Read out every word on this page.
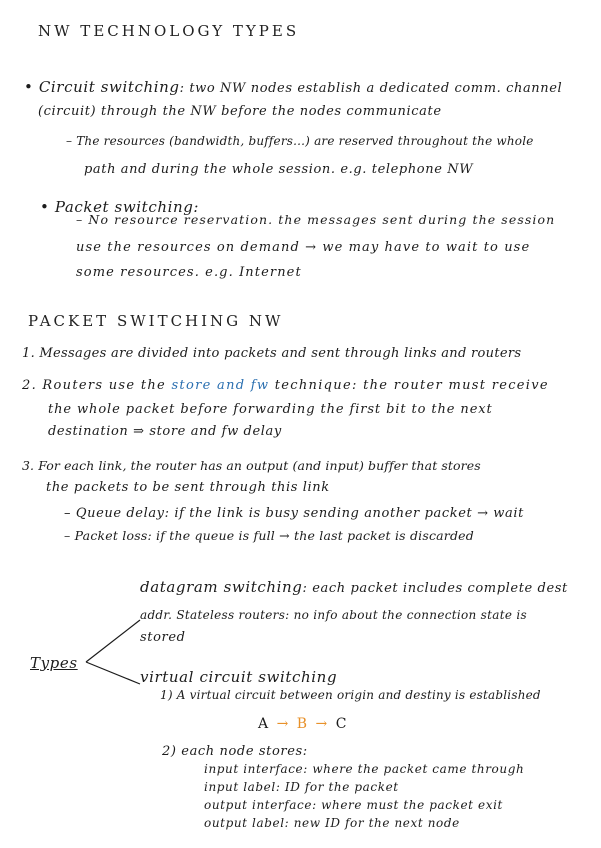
NW TECHNOLOGY TYPES
• Circuit switching: two NW nodes establish a dedicated comm. channel
(circuit) through the NW before the nodes communicate
– The resources (bandwidth, buffers...) are reserved throughout the whole
path and during the whole session. e.g. telephone NW
• Packet switching:
– No resource reservation. the messages sent during the session
use the resources on demand → we may have to wait to use
some resources. e.g. Internet
PACKET SWITCHING NW
1. Messages are divided into packets and sent through links and routers
2. Routers use the store and fw technique: the router must receive
the whole packet before forwarding the first bit to the next
destination ⇒ store and fw delay
3. For each link, the router has an output (and input) buffer that stores
the packets to be sent through this link
– Queue delay: if the link is busy sending another packet → wait
– Packet loss: if the queue is full → the last packet is discarded
Types
datagram switching: each packet includes complete dest
addr. Stateless routers: no info about the connection state is
stored
virtual circuit switching
1) A virtual circuit between origin and destiny is established
A → B → C
2) each node stores:
input interface: where the packet came through
input label: ID for the packet
output interface: where must the packet exit
output label: new ID for the next node
